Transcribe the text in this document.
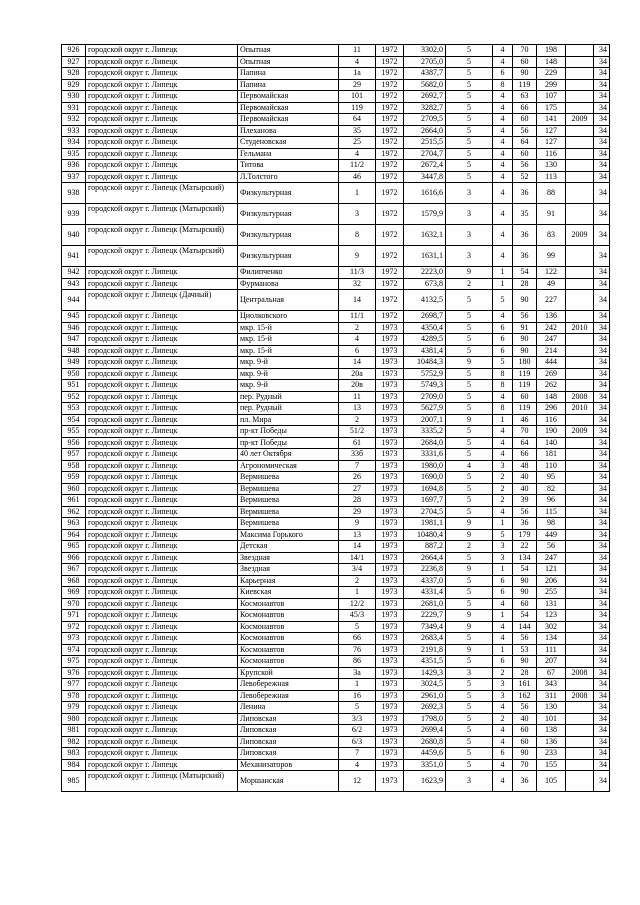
926	городской округ г. Липецк	Опытная	11	1972	3302,0	5	4	70	198		34
927	городской округ г. Липецк	Опытная	4	1972	2705,0	5	4	60	148		34
928	городской округ г. Липецк	Папина	1а	1972	4387,7	5	6	90	229		34
929	городской округ г. Липецк	Папина	29	1972	5682,0	5	8	119	299		34
930	городской округ г. Липецк	Первомайская	101	1972	2692,7	5	4	63	107		34
931	городской округ г. Липецк	Первомайская	119	1972	3282,7	5	4	66	175		34
932	городской округ г. Липецк	Первомайская	64	1972	2709,5	5	4	60	141	2009	34
933	городской округ г. Липецк	Плеханова	35	1972	2664,0	5	4	56	127		34
934	городской округ г. Липецк	Студеновская	25	1972	2515,5	5	4	64	127		34
935	городской округ г. Липецк	Гельмана	4	1972	2704,7	5	4	60	116		34
936	городской округ г. Липецк	Титова	11/2	1972	2672,4	5	4	56	130		34
937	городской округ г. Липецк	Л.Толстого	46	1972	3447,8	5	4	52	113		34
938	городской округ г. Липецк (Матырский)	Физкультурная	1	1972	1616,6	3	4	36	88		34
939	городской округ г. Липецк (Матырский)	Физкультурная	3	1972	1579,9	3	4	35	91		34
940	городской округ г. Липецк (Матырский)	Физкультурная	8	1972	1632,1	3	4	36	83	2009	34
941	городской округ г. Липецк (Матырский)	Физкультурная	9	1972	1631,1	3	4	36	99		34
942	городской округ г. Липецк	Филипченко	11/3	1972	2223,0	9	1	54	122		34
943	городской округ г. Липецк	Фурманова	32	1972	673,8	2	1	28	49		34
944	городской округ г. Липецк (Дачный)	Центральная	14	1972	4132,5	5	5	90	227		34
945	городской округ г. Липецк	Циолковского	11/1	1972	2698,7	5	4	56	136		34
946	городской округ г. Липецк	мкр. 15-й	2	1973	4350,4	5	6	91	242	2010	34
947	городской округ г. Липецк	мкр. 15-й	4	1973	4289,5	5	6	90	247		34
948	городской округ г. Липецк	мкр. 15-й	6	1973	4381,4	5	6	90	214		34
949	городской округ г. Липецк	мкр. 9-й	14	1973	10484,3	9	5	180	444		34
950	городской округ г. Липецк	мкр. 9-й	20а	1973	5752,9	5	8	119	269		34
951	городской округ г. Липецк	мкр. 9-й	20в	1973	5749,3	5	8	119	262		34
952	городской округ г. Липецк	пер. Рудный	11	1973	2709,0	5	4	60	148	2008	34
953	городской округ г. Липецк	пер. Рудный	13	1973	5627,9	5	8	119	296	2010	34
954	городской округ г. Липецк	пл. Мира	2	1973	2007,1	9	1	46	116		34
955	городской округ г. Липецк	пр-кт Победы	51/2	1973	3335,2	5	4	70	190	2009	34
956	городской округ г. Липецк	пр-кт Победы	61	1973	2684,0	5	4	64	140		34
957	городской округ г. Липецк	40 лет Октября	33б	1973	3331,6	5	4	66	181		34
958	городской округ г. Липецк	Агрономическая	7	1973	1980,0	4	3	48	110		34
959	городской округ г. Липецк	Вермишева	26	1973	1690,0	5	2	40	95		34
960	городской округ г. Липецк	Вермишева	27	1973	1694,8	5	2	40	82		34
961	городской округ г. Липецк	Вермишева	28	1973	1697,7	5	2	39	96		34
962	городской округ г. Липецк	Вермишева	29	1973	2704,5	5	4	56	115		34
963	городской округ г. Липецк	Вермишева	9	1973	1981,1	9	1	36	98		34
964	городской округ г. Липецк	Максима Горького	13	1973	10480,4	9	5	179	449		34
965	городской округ г. Липецк	Детская	14	1973	887,2	2	3	22	56		34
966	городской округ г. Липецк	Звездная	14/1	1973	2664,4	5	3	134	247		34
967	городской округ г. Липецк	Звездная	3/4	1973	2236,8	9	1	54	121		34
968	городской округ г. Липецк	Карьерная	2	1973	4337,0	5	6	90	206		34
969	городской округ г. Липецк	Киевская	1	1973	4331,4	5	6	90	255		34
970	городской округ г. Липецк	Космонавтов	12/2	1973	2681,0	5	4	60	131		34
971	городской округ г. Липецк	Космонавтов	45/3	1973	2229,7	9	1	54	123		34
972	городской округ г. Липецк	Космонавтов	5	1973	7349,4	9	4	144	302		34
973	городской округ г. Липецк	Космонавтов	66	1973	2683,4	5	4	56	134		34
974	городской округ г. Липецк	Космонавтов	76	1973	2191,8	9	1	53	111		34
975	городской округ г. Липецк	Космонавтов	86	1973	4351,5	5	6	90	207		34
976	городской округ г. Липецк	Крупской	3а	1973	1429,3	3	2	28	67	2008	34
977	городской округ г. Липецк	Левобережная	1	1973	3024,5	5	3	161	343		34
978	городской округ г. Липецк	Левобережная	16	1973	2961,0	5	3	162	311	2008	34
979	городской округ г. Липецк	Ленина	5	1973	2692,3	5	4	56	130		34
980	городской округ г. Липецк	Липовская	3/3	1973	1798,0	5	2	40	101		34
981	городской округ г. Липецк	Липовская	6/2	1973	2699,4	5	4	60	138		34
982	городской округ г. Липецк	Липовская	6/3	1973	2680,8	5	4	60	136		34
983	городской округ г. Липецк	Липовская	7	1973	4459,6	5	6	90	233		34
984	городской округ г. Липецк	Механизаторов	4	1973	3351,0	5	4	70	155		34
985	городской округ г. Липецк (Матырский)	Моршанская	12	1973	1623,9	3	4	36	105		34
